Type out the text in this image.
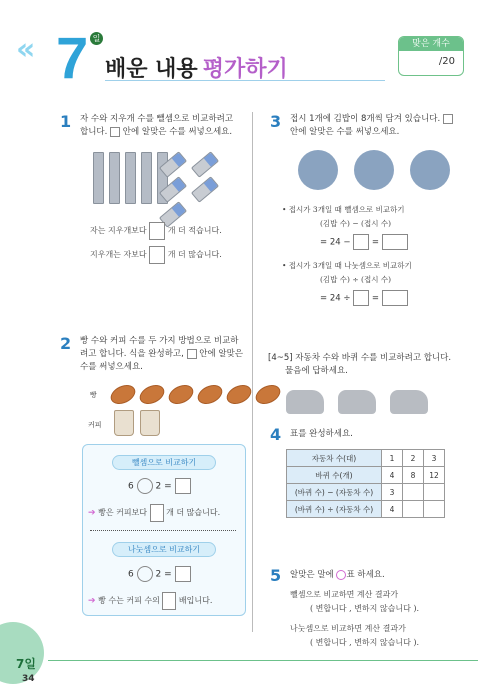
« 7 일
배운 내용 평가하기
맞은 개수
/20
1 자 수와 지우개 수를 뺄셈으로 비교하려고
합니다. 안에 알맞은 수를 써넣으세요.
자는 지우개보다	개 더 적습니다.
지우개는 자보다	개 더 많습니다.
2 빵 수와 커피 수를 두 가지 방법으로 비교하
려고 합니다. 식을 완성하고, 안에 알맞은
수를 써넣으세요.
빵
커피
뺄셈으로 비교하기
6 2 =
➔ 빵은 커피보다 개 더 많습니다.
나눗셈으로 비교하기
6 2 =
➔ 빵 수는 커피 수의 배입니다.
3 접시 1개에 김밥이 8개씩 담겨 있습니다.
안에 알맞은 수를 써넣으세요.
• 접시가 3개일 때 뺄셈으로 비교하기
(김밥 수) − (접시 수)
= 24 −	=
• 접시가 3개일 때 나눗셈으로 비교하기
(김밥 수) ÷ (접시 수)
= 24 ÷	=
[4~5] 자동차 수와 바퀴 수를 비교하려고 합니다.
물음에 답하세요.
4 표를 완성하세요.
자동차 수(대)	1	2	3
바퀴 수(개)	4	8	12
(바퀴 수) − (자동차 수)	3		
(바퀴 수) ÷ (자동차 수)	4		
5 알맞은 말에 ○표 하세요.
뺄셈으로 비교하면 계산 결과가
( 변합니다 , 변하지 않습니다 ).
나눗셈으로 비교하면 계산 결과가
( 변합니다 , 변하지 않습니다 ).
7일
34
